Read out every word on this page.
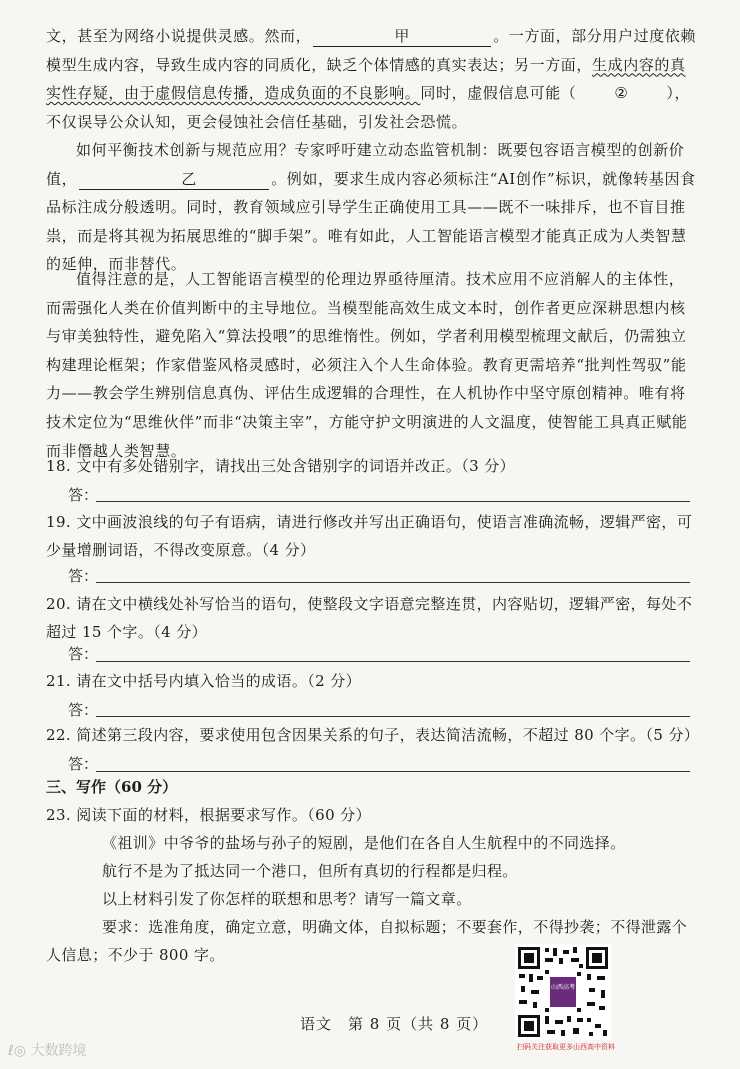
文，甚至为网络小说提供灵感。然而，	甲	。一方面，部分用户过度依赖模型生成内容，导致生成内容的同质化，缺乏个体情感的真实表达；另一方面，生成内容的真实性存疑，由于虚假信息传播，造成负面的不良影响。同时，虚假信息可能（	②	），不仅误导公众认知，更会侵蚀社会信任基础，引发社会恐慌。
如何平衡技术创新与规范应用？专家呼吁建立动态监管机制：既要包容语言模型的创新价值，	乙	。例如，要求生成内容必须标注“AI创作”标识，就像转基因食品标注成分般透明。同时，教育领域应引导学生正确使用工具——既不一味排斥，也不盲目推祟，而是将其视为拓展思维的“脚手架”。唯有如此，人工智能语言模型才能真正成为人类智慧的延伸，而非替代。
值得注意的是，人工智能语言模型的伦理边界亟待厘清。技术应用不应消解人的主体性，而需强化人类在价值判断中的主导地位。当模型能高效生成文本时，创作者更应深耕思想内核与审美独特性，避免陷入“算法投喂”的思维惰性。例如，学者利用模型梳理文献后，仍需独立构建理论框架；作家借鉴风格灵感时，必须注入个人生命体验。教育更需培养“批判性驾驭”能力——教会学生辨别信息真伪、评估生成逻辑的合理性，在人机协作中坚守原创精神。唯有将技术定位为“思维伙伴”而非“决策主宰”，方能守护文明演进的人文温度，使智能工具真正赋能而非僭越人类智慧。
18. 文中有多处错别字，请找出三处含错别字的词语并改正。（3 分）
答：
19. 文中画波浪线的句子有语病，请进行修改并写出正确语句，使语言准确流畅，逻辑严密，可少量增删词语，不得改变原意。（4 分）
答：
20. 请在文中横线处补写恰当的语句，使整段文字语意完整连贯，内容贴切，逻辑严密，每处不超过 15 个字。（4 分）
答：
21. 请在文中括号内填入恰当的成语。（2 分）
答：
22. 简述第三段内容，要求使用包含因果关系的句子，表达简洁流畅，不超过 80 个字。（5 分）
答：
三、写作（60 分）
23. 阅读下面的材料，根据要求写作。（60 分）
《祖训》中爷爷的盐场与孙子的短剧，是他们在各自人生航程中的不同选择。
航行不是为了抵达同一个港口，但所有真切的行程都是归程。
以上材料引发了你怎样的联想和思考？请写一篇文章。
要求：选准角度，确定立意，明确文体，自拟标题；不要套作，不得抄袭；不得泄露个人信息；不少于 800 字。
山西高考
扫码关注获取更多山西高中资料
语文　第 8 页（共 8 页）
ℓ◎ 大数跨境
